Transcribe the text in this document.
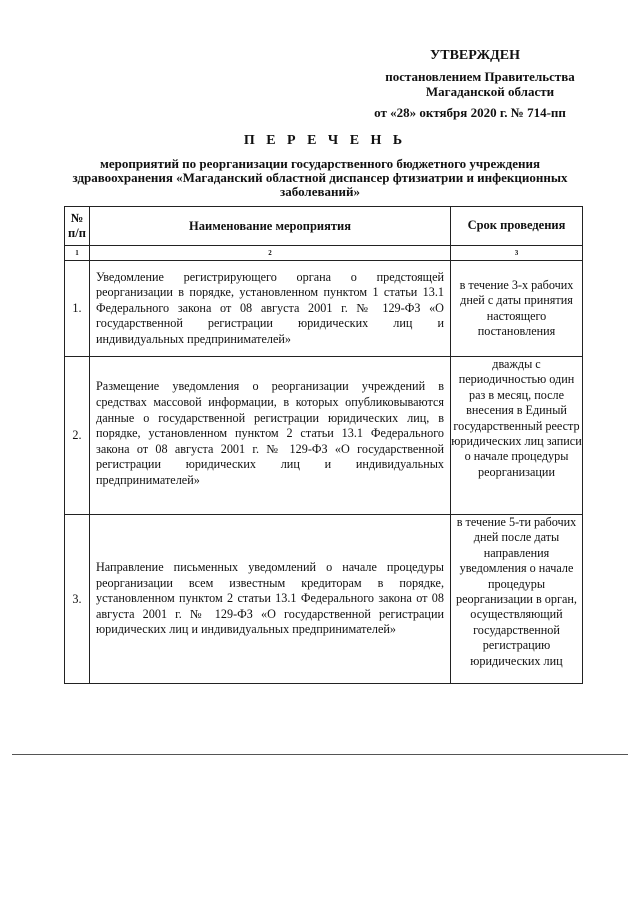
УТВЕРЖДЕН
постановлением Правительства
Магаданской области
от «28» октября 2020 г. № 714-пп
П Е Р Е Ч Е Н Ь
мероприятий по реорганизации государственного бюджетного учреждения здравоохранения «Магаданский областной диспансер фтизиатрии и инфекционных заболеваний»
№ п/п	Наименование мероприятия	Срок проведения
1	2	3
1.	Уведомление регистрирующего органа о предстоящей реорганизации в порядке, установленном пунктом 1 статьи 13.1 Федерального закона от 08 августа 2001 г. № 129-ФЗ «О государственной регистрации юридических лиц и индивидуальных предпринимателей»	в течение 3-х рабочих дней с даты принятия настоящего постановления
2.	Размещение уведомления о реорганизации учреждений в средствах массовой информации, в которых опубликовываются данные о государственной регистрации юридических лиц, в порядке, установленном пунктом 2 статьи 13.1 Федерального закона от 08 августа 2001 г. № 129-ФЗ «О государственной регистрации юридических лиц и индивидуальных предпринимателей»	дважды с периодичностью один раз в месяц, после внесения в Единый государственный реестр юридических лиц записи о начале процедуры реорганизации
3.	Направление письменных уведомлений о начале процедуры реорганизации всем известным кредиторам в порядке, установленном пунктом 2 статьи 13.1 Федерального закона от 08 августа 2001 г. № 129-ФЗ «О государственной регистрации юридических лиц и индивидуальных предпринимателей»	в течение 5-ти рабочих дней после даты направления уведомления о начале процедуры реорганизации в орган, осуществляющий государственной регистрацию юридических лиц
